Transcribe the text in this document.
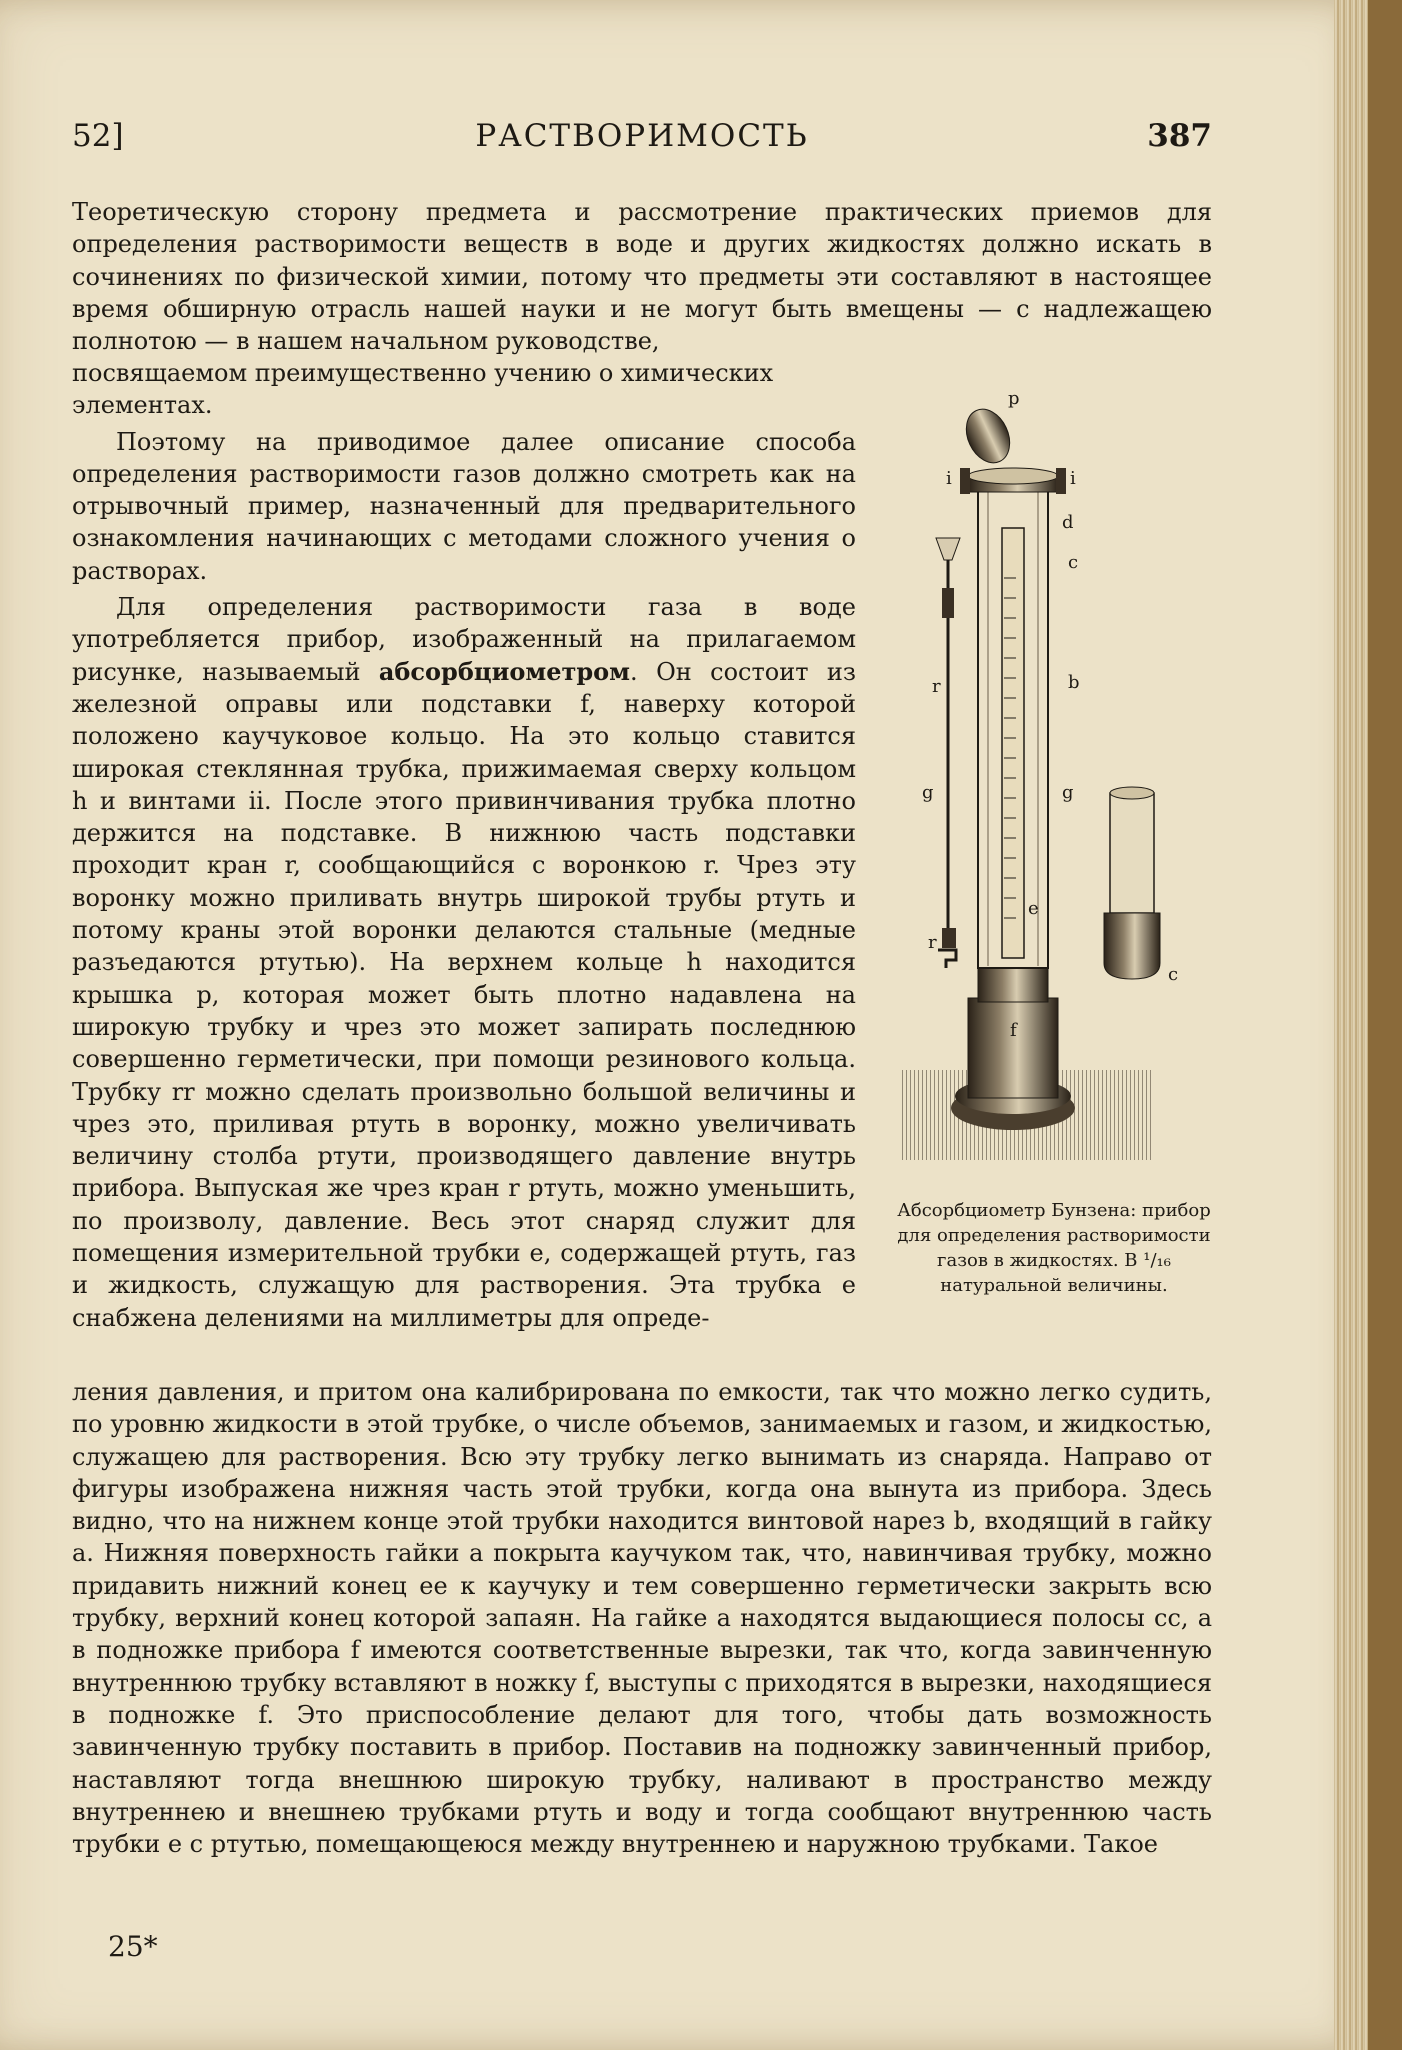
52]	РАСТВОРИМОСТЬ	387

Теоретическую сторону предмета и рассмотрение практических приемов для определения растворимости веществ в воде и других жидкостях должно искать в сочинениях по физической химии, потому что предметы эти составляют в настоящее время обширную отрасль нашей науки и не могут быть вмещены — с надлежащею полнотою — в нашем начальном руководстве,

посвящаемом преимущественно учению о химических элементах.

Поэтому на приводимое далее описание способа определения растворимости газов должно смотреть как на отрывочный пример, назначенный для предварительного ознакомления начинающих с методами сложного учения о растворах.

Для определения растворимости газа в воде употребляется прибор, изображенный на прилагаемом рисунке, называемый абсорбциометром. Он состоит из железной оправы или подставки f, наверху которой положено каучуковое кольцо. На это кольцо ставится широкая стеклянная трубка, прижимаемая сверху кольцом h и винтами ii. После этого привинчивания трубка плотно держится на подставке. В нижнюю часть подставки проходит кран r, сообщающийся с воронкою r. Чрез эту воронку можно приливать внутрь широкой трубы ртуть и потому краны этой воронки делаются стальные (медные разъедаются ртутью). На верхнем кольце h находится крышка p, которая может быть плотно надавлена на широкую трубку и чрез это может запирать последнюю совершенно герметически, при помощи резинового кольца. Трубку rr можно сделать произвольно большой величины и чрез это, приливая ртуть в воронку, можно увеличивать величину столба ртути, производящего давление внутрь прибора. Выпуская же чрез кран r ртуть, можно уменьшить, по произволу, давление. Весь этот снаряд служит для помещения измерительной трубки e, содержащей ртуть, газ и жидкость, служащую для растворения. Эта трубка e снабжена делениями на миллиметры для опреде-

ления давления, и притом она калибрирована по емкости, так что можно легко судить, по уровню жидкости в этой трубке, о числе объемов, занимаемых и газом, и жидкостью, служащею для растворения. Всю эту трубку легко вынимать из снаряда. Направо от фигуры изображена нижняя часть этой трубки, когда она вынута из прибора. Здесь видно, что на нижнем конце этой трубки находится винтовой нарез b, входящий в гайку a. Нижняя поверхность гайки a покрыта каучуком так, что, навинчивая трубку, можно придавить нижний конец ее к каучуку и тем совершенно герметически закрыть всю трубку, верхний конец которой запаян. На гайке a находятся выдающиеся полосы cc, а в подножке прибора f имеются соответственные вырезки, так что, когда завинченную внутреннюю трубку вставляют в ножку f, выступы c приходятся в вырезки, находящиеся в подножке f. Это приспособление делают для того, чтобы дать возможность завинченную трубку поставить в прибор. Поставив на подножку завинченный прибор, наставляют тогда внешнюю широкую трубку, наливают в пространство между внутреннею и внешнею трубками ртуть и воду и тогда сообщают внутреннюю часть трубки e с ртутью, помещающеюся между внутреннею и наружною трубками. Такое

p
i	i
d
c
r	b
g	g
e
r
c
f
Абсорбциометр Бунзена: прибор для определения растворимости газов в жидкостях. В ¹/₁₆ натуральной величины.
25*
